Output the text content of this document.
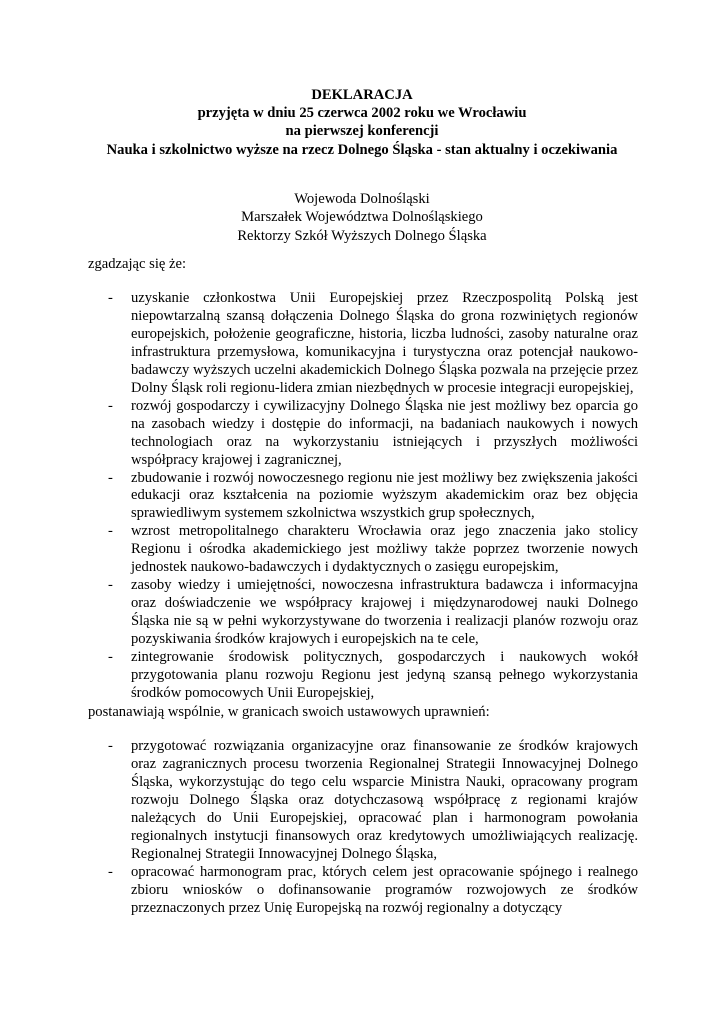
DEKLARACJA
przyjęta w dniu 25 czerwca 2002 roku we Wrocławiu
na pierwszej konferencji
Nauka i szkolnictwo wyższe na rzecz Dolnego Śląska - stan aktualny i oczekiwania
Wojewoda Dolnośląski
Marszałek Województwa Dolnośląskiego
Rektorzy Szkół Wyższych Dolnego Śląska
zgadzając się że:
- uzyskanie członkostwa Unii Europejskiej przez Rzeczpospolitą Polską jest niepowtarzalną szansą dołączenia Dolnego Śląska do grona rozwiniętych regionów europejskich, położenie geograficzne, historia, liczba ludności, zasoby naturalne oraz infrastruktura przemysłowa, komunikacyjna i turystyczna oraz potencjał naukowo-badawczy wyższych uczelni akademickich Dolnego Śląska pozwala na przejęcie przez Dolny Śląsk roli regionu-lidera zmian niezbędnych w procesie integracji europejskiej,
- rozwój gospodarczy i cywilizacyjny Dolnego Śląska nie jest możliwy bez oparcia go na zasobach wiedzy i dostępie do informacji, na badaniach naukowych i nowych technologiach oraz na wykorzystaniu istniejących i przyszłych możliwości współpracy krajowej i zagranicznej,
- zbudowanie i rozwój nowoczesnego regionu nie jest możliwy bez zwiększenia jakości edukacji oraz kształcenia na poziomie wyższym akademickim oraz bez objęcia sprawiedliwym systemem szkolnictwa wszystkich grup społecznych,
- wzrost metropolitalnego charakteru Wrocławia oraz jego znaczenia jako stolicy Regionu i ośrodka akademickiego jest możliwy także poprzez tworzenie nowych jednostek naukowo-badawczych i dydaktycznych o zasięgu europejskim,
- zasoby wiedzy i umiejętności, nowoczesna infrastruktura badawcza i informacyjna oraz doświadczenie we współpracy krajowej i międzynarodowej nauki Dolnego Śląska nie są w pełni wykorzystywane do tworzenia i realizacji planów rozwoju oraz pozyskiwania środków krajowych i europejskich na te cele,
- zintegrowanie środowisk politycznych, gospodarczych i naukowych wokół przygotowania planu rozwoju Regionu jest jedyną szansą pełnego wykorzystania środków pomocowych Unii Europejskiej,
postanawiają wspólnie, w granicach swoich ustawowych uprawnień:
- przygotować rozwiązania organizacyjne oraz finansowanie ze środków krajowych oraz zagranicznych procesu tworzenia Regionalnej Strategii Innowacyjnej Dolnego Śląska, wykorzystując do tego celu wsparcie Ministra Nauki, opracowany program rozwoju Dolnego Śląska oraz dotychczasową współpracę z regionami krajów należących do Unii Europejskiej, opracować plan i harmonogram powołania regionalnych instytucji finansowych oraz kredytowych umożliwiających realizację. Regionalnej Strategii Innowacyjnej Dolnego Śląska,
- opracować harmonogram prac, których celem jest opracowanie spójnego i realnego zbioru wniosków o dofinansowanie programów rozwojowych ze środków przeznaczonych przez Unię Europejską na rozwój regionalny a dotyczący
